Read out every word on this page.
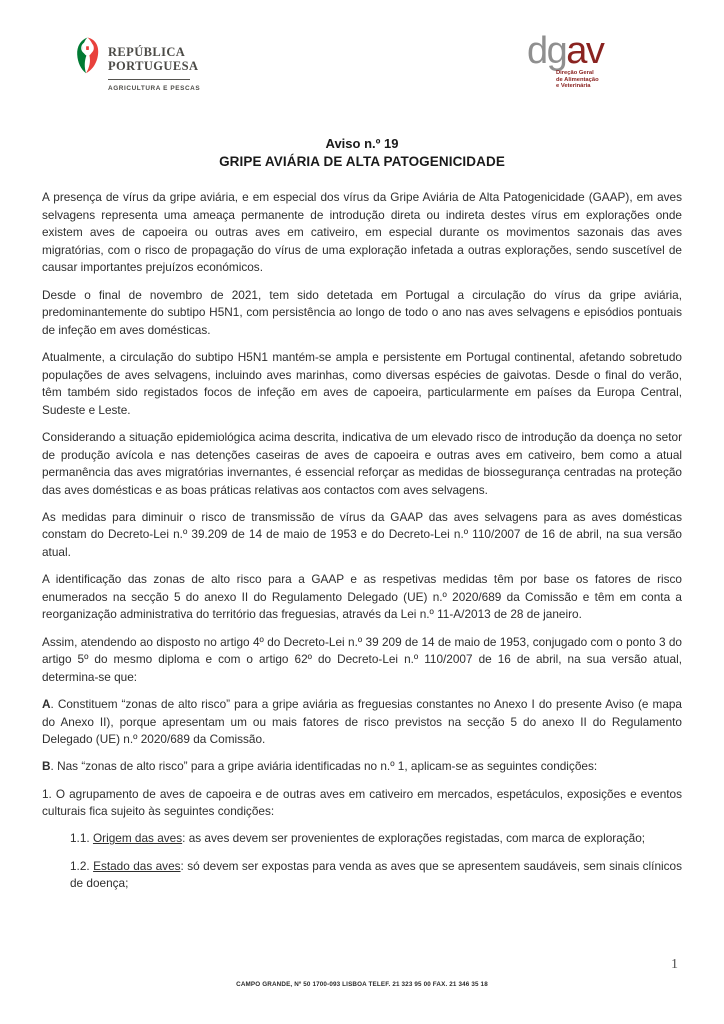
REPÚBLICA
PORTUGUESA
AGRICULTURA E PESCAS
dgav
Direção Geral
de Alimentação
e Veterinária
Aviso n.º 19
GRIPE AVIÁRIA DE ALTA PATOGENICIDADE

A presença de vírus da gripe aviária, e em especial dos vírus da Gripe Aviária de Alta Patogenicidade (GAAP), em aves selvagens representa uma ameaça permanente de introdução direta ou indireta destes vírus em explorações onde existem aves de capoeira ou outras aves em cativeiro, em especial durante os movimentos sazonais das aves migratórias, com o risco de propagação do vírus de uma exploração infetada a outras explorações, sendo suscetível de causar importantes prejuízos económicos.

Desde o final de novembro de 2021, tem sido detetada em Portugal a circulação do vírus da gripe aviária, predominantemente do subtipo H5N1, com persistência ao longo de todo o ano nas aves selvagens e episódios pontuais de infeção em aves domésticas.

Atualmente, a circulação do subtipo H5N1 mantém-se ampla e persistente em Portugal continental, afetando sobretudo populações de aves selvagens, incluindo aves marinhas, como diversas espécies de gaivotas. Desde o final do verão, têm também sido registados focos de infeção em aves de capoeira, particularmente em países da Europa Central, Sudeste e Leste.

Considerando a situação epidemiológica acima descrita, indicativa de um elevado risco de introdução da doença no setor de produção avícola e nas detenções caseiras de aves de capoeira e outras aves em cativeiro, bem como a atual permanência das aves migratórias invernantes, é essencial reforçar as medidas de biossegurança centradas na proteção das aves domésticas e as boas práticas relativas aos contactos com aves selvagens.

As medidas para diminuir o risco de transmissão de vírus da GAAP das aves selvagens para as aves domésticas constam do Decreto-Lei n.º 39.209 de 14 de maio de 1953 e do Decreto-Lei n.º 110/2007 de 16 de abril, na sua versão atual.

A identificação das zonas de alto risco para a GAAP e as respetivas medidas têm por base os fatores de risco enumerados na secção 5 do anexo II do Regulamento Delegado (UE) n.º 2020/689 da Comissão e têm em conta a reorganização administrativa do território das freguesias, através da Lei n.º 11-A/2013 de 28 de janeiro.

Assim, atendendo ao disposto no artigo 4º do Decreto-Lei n.º 39 209 de 14 de maio de 1953, conjugado com o ponto 3 do artigo 5º do mesmo diploma e com o artigo 62º do Decreto-Lei n.º 110/2007 de 16 de abril, na sua versão atual, determina-se que:

A. Constituem “zonas de alto risco” para a gripe aviária as freguesias constantes no Anexo I do presente Aviso (e mapa do Anexo II), porque apresentam um ou mais fatores de risco previstos na secção 5 do anexo II do Regulamento Delegado (UE) n.º 2020/689 da Comissão.

B. Nas “zonas de alto risco” para a gripe aviária identificadas no n.º 1, aplicam-se as seguintes condições:

1. O agrupamento de aves de capoeira e de outras aves em cativeiro em mercados, espetáculos, exposições e eventos culturais fica sujeito às seguintes condições:

1.1. Origem das aves: as aves devem ser provenientes de explorações registadas, com marca de exploração;

1.2. Estado das aves: só devem ser expostas para venda as aves que se apresentem saudáveis, sem sinais clínicos de doença;

CAMPO GRANDE, Nº 50 1700-093 LISBOA TELEF. 21 323 95 00 FAX. 21 346 35 18
1
